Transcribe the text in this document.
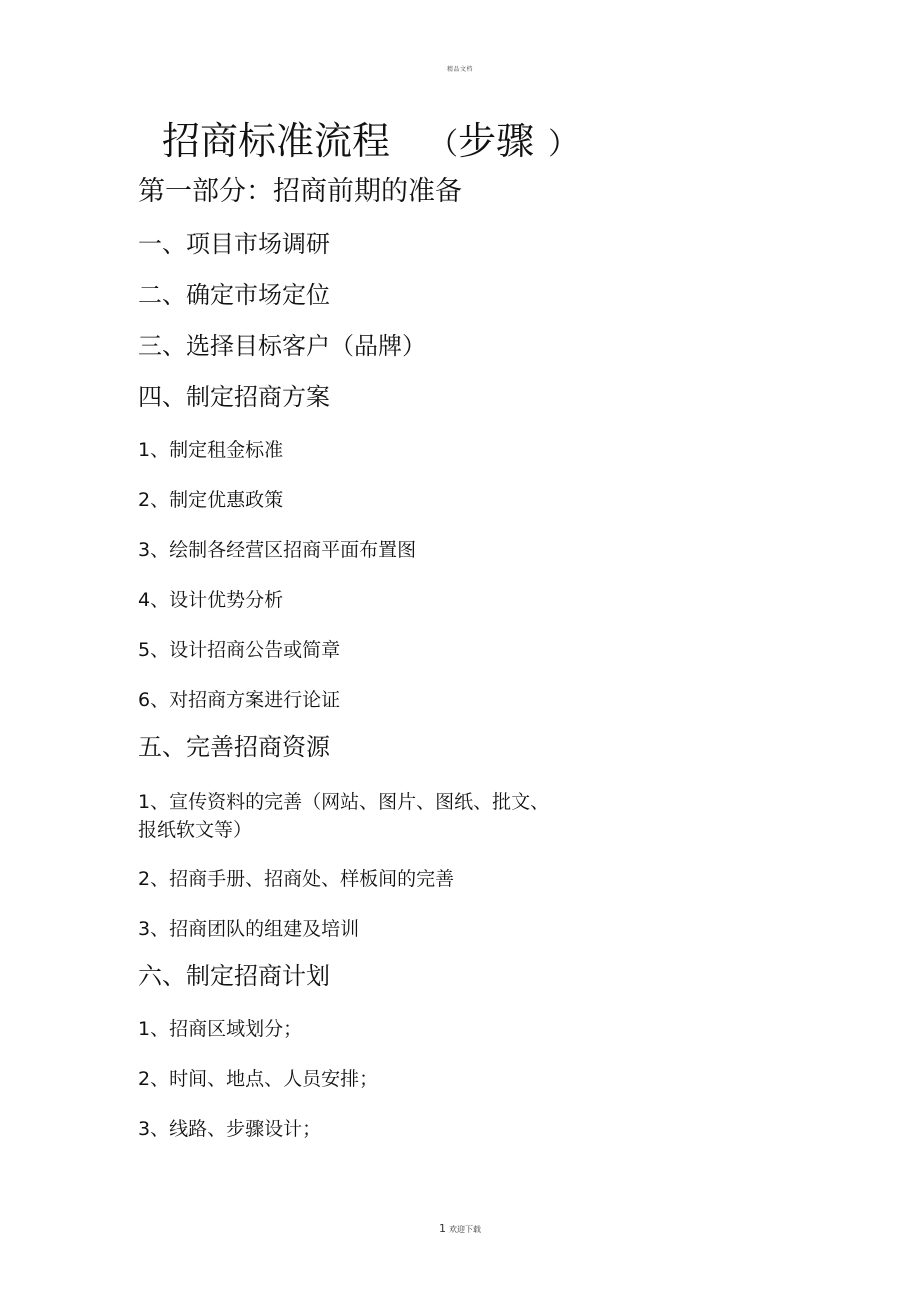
精品文档
招商标准流程 （步骤 ）
第一部分：招商前期的准备
一、项目市场调研
二、确定市场定位
三、选择目标客户（品牌）
四、制定招商方案
1、制定租金标准
2、制定优惠政策
3、绘制各经营区招商平面布置图
4、设计优势分析
5、设计招商公告或简章
6、对招商方案进行论证
五、完善招商资源
1、宣传资料的完善（网站、图片、图纸、批文、
报纸软文等）
2、招商手册、招商处、样板间的完善
3、招商团队的组建及培训
六、制定招商计划
1、招商区域划分；
2、时间、地点、人员安排；
3、线路、步骤设计；
1 欢迎下载
